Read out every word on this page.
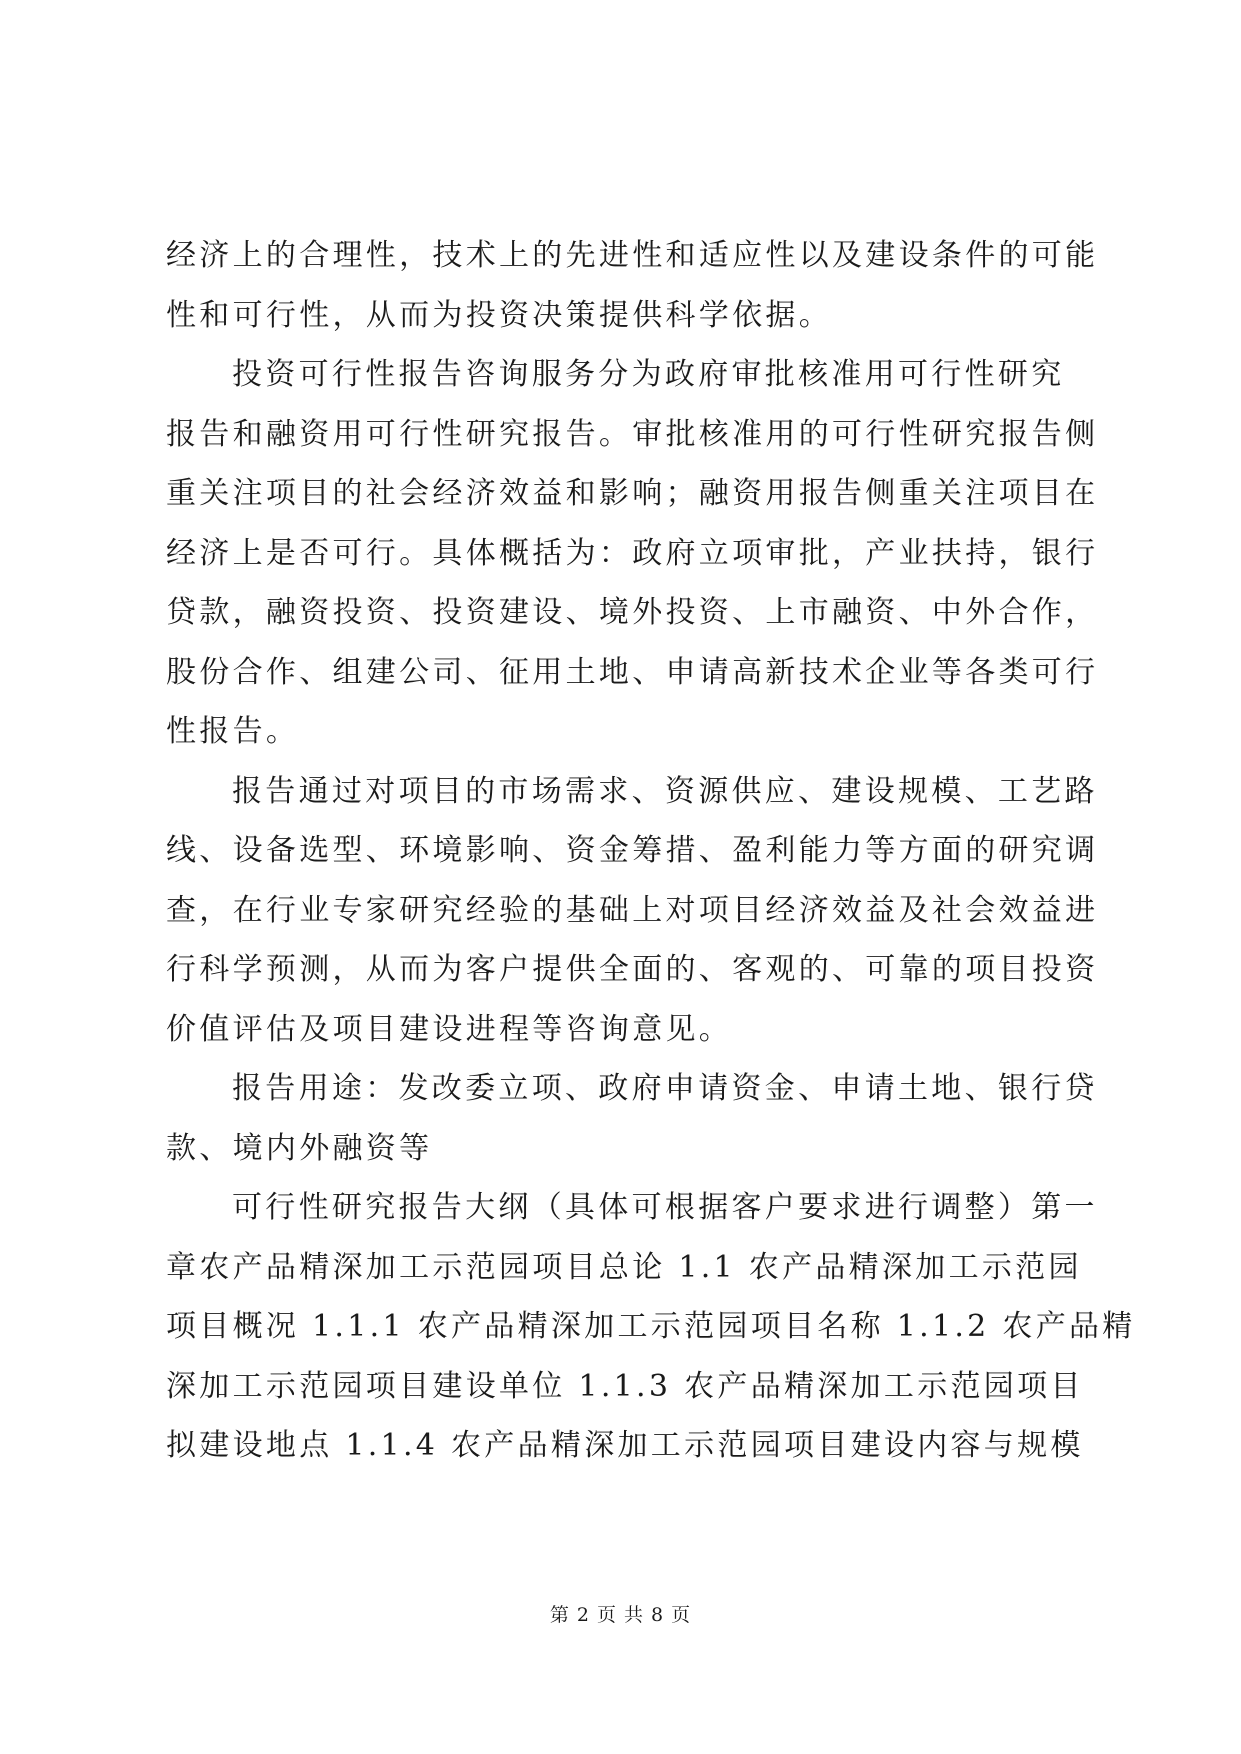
经济上的合理性，技术上的先进性和适应性以及建设条件的可能
性和可行性，从而为投资决策提供科学依据。
投资可行性报告咨询服务分为政府审批核准用可行性研究
报告和融资用可行性研究报告。审批核准用的可行性研究报告侧
重关注项目的社会经济效益和影响；融资用报告侧重关注项目在
经济上是否可行。具体概括为：政府立项审批，产业扶持，银行
贷款，融资投资、投资建设、境外投资、上市融资、中外合作，
股份合作、组建公司、征用土地、申请高新技术企业等各类可行
性报告。
报告通过对项目的市场需求、资源供应、建设规模、工艺路
线、设备选型、环境影响、资金筹措、盈利能力等方面的研究调
查，在行业专家研究经验的基础上对项目经济效益及社会效益进
行科学预测，从而为客户提供全面的、客观的、可靠的项目投资
价值评估及项目建设进程等咨询意见。
报告用途：发改委立项、政府申请资金、申请土地、银行贷
款、境内外融资等
可行性研究报告大纲（具体可根据客户要求进行调整）第一
章农产品精深加工示范园项目总论 1.1 农产品精深加工示范园
项目概况 1.1.1 农产品精深加工示范园项目名称 1.1.2 农产品精
深加工示范园项目建设单位 1.1.3 农产品精深加工示范园项目
拟建设地点 1.1.4 农产品精深加工示范园项目建设内容与规模
第 2 页 共 8 页
